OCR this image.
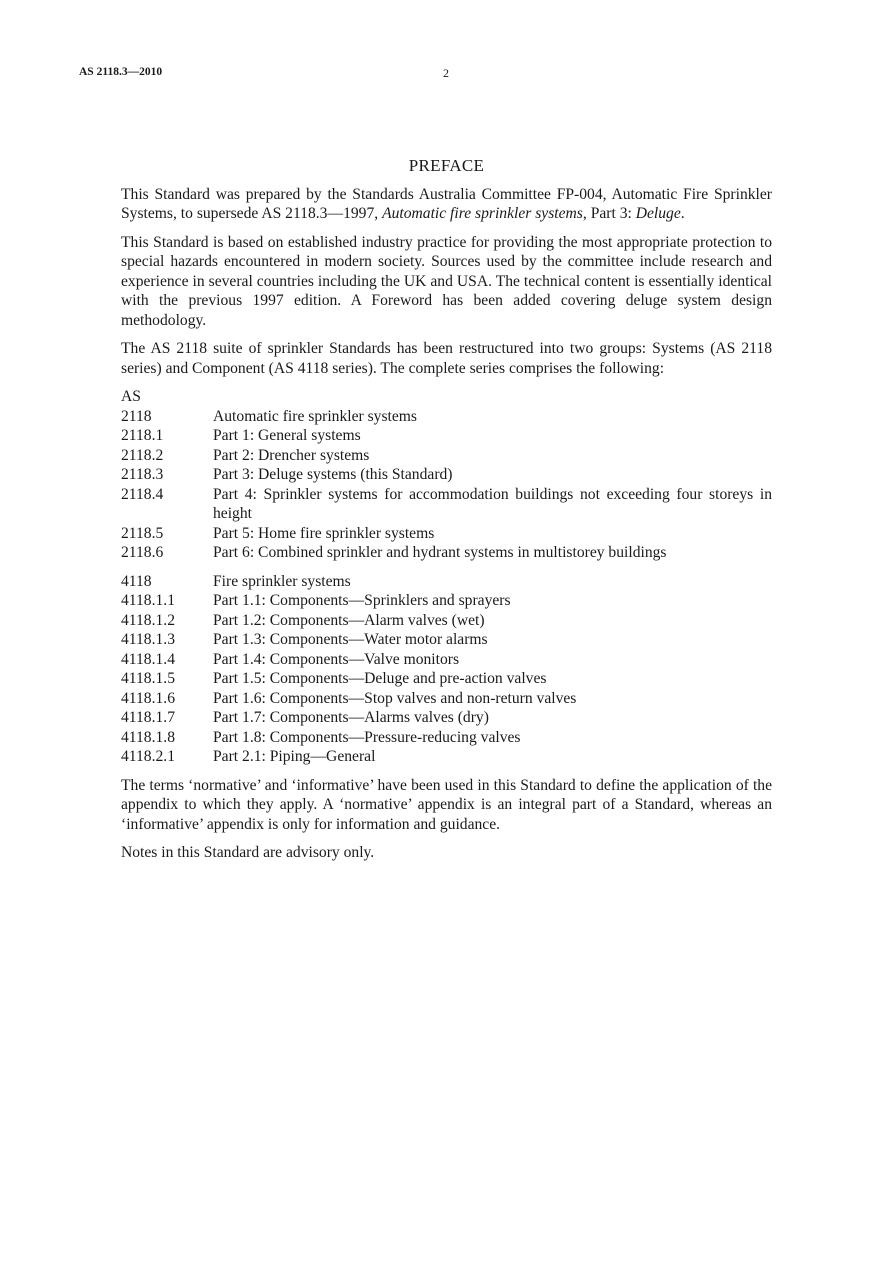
AS 2118.3—2010	2
PREFACE

This Standard was prepared by the Standards Australia Committee FP-004, Automatic Fire Sprinkler Systems, to supersede AS 2118.3—1997, Automatic fire sprinkler systems, Part 3: Deluge.

This Standard is based on established industry practice for providing the most appropriate protection to special hazards encountered in modern society. Sources used by the committee include research and experience in several countries including the UK and USA. The technical content is essentially identical with the previous 1997 edition. A Foreword has been added covering deluge system design methodology.

The AS 2118 suite of sprinkler Standards has been restructured into two groups: Systems (AS 2118 series) and Component (AS 4118 series). The complete series comprises the following:

AS
2118	Automatic fire sprinkler systems
2118.1	Part 1: General systems
2118.2	Part 2: Drencher systems
2118.3	Part 3: Deluge systems (this Standard)
2118.4	Part 4: Sprinkler systems for accommodation buildings not exceeding four storeys in height
2118.5	Part 5: Home fire sprinkler systems
2118.6	Part 6: Combined sprinkler and hydrant systems in multistorey buildings
4118	Fire sprinkler systems
4118.1.1	Part 1.1: Components—Sprinklers and sprayers
4118.1.2	Part 1.2: Components—Alarm valves (wet)
4118.1.3	Part 1.3: Components—Water motor alarms
4118.1.4	Part 1.4: Components—Valve monitors
4118.1.5	Part 1.5: Components—Deluge and pre-action valves
4118.1.6	Part 1.6: Components—Stop valves and non-return valves
4118.1.7	Part 1.7: Components—Alarms valves (dry)
4118.1.8	Part 1.8: Components—Pressure-reducing valves
4118.2.1	Part 2.1: Piping—General

The terms ‘normative’ and ‘informative’ have been used in this Standard to define the application of the appendix to which they apply. A ‘normative’ appendix is an integral part of a Standard, whereas an ‘informative’ appendix is only for information and guidance.

Notes in this Standard are advisory only.
